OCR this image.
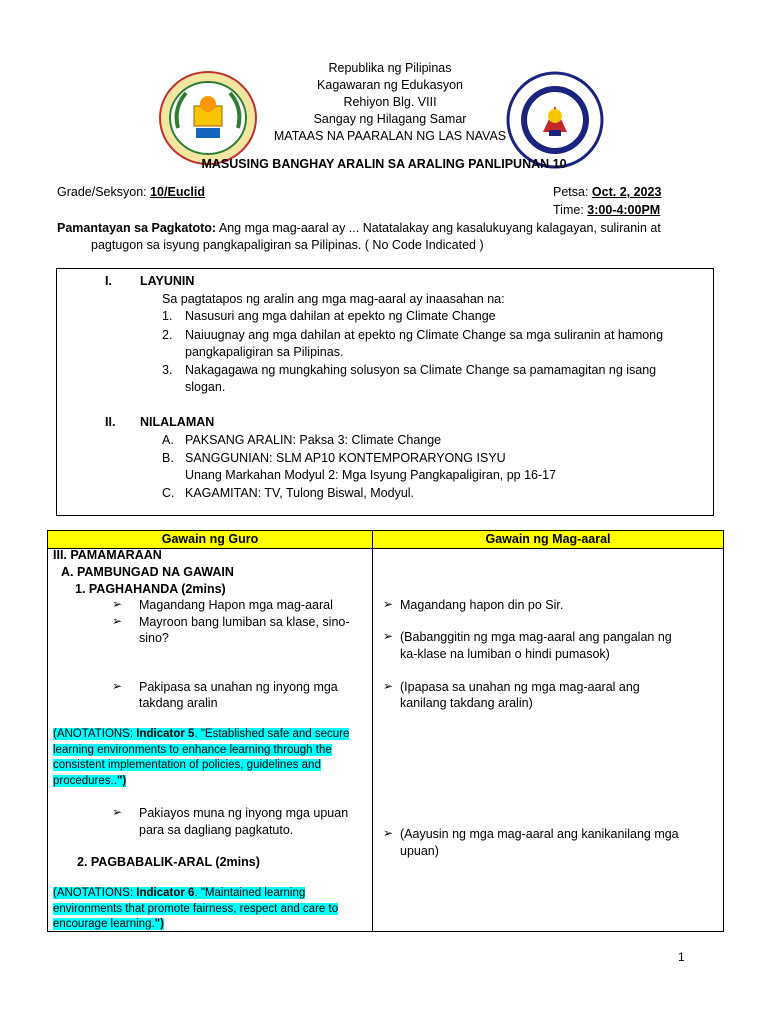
Republika ng Pilipinas
Kagawaran ng Edukasyon
Rehiyon Blg. VIII
Sangay ng Hilagang Samar
MATAAS NA PAARALAN NG LAS NAVAS
MASUSING BANGHAY ARALIN SA ARALING PANLIPUNAN 10
Grade/Seksyon: 10/Euclid	Petsa: Oct. 2, 2023
Time: 3:00-4:00PM
Pamantayan sa Pagkatoto: Ang mga mag-aaral ay ... Natatalakay ang kasalukuyang kalagayan, suliranin at
pagtugon sa isyung pangkapaligiran sa Pilipinas. ( No Code Indicated )
I. LAYUNIN
Sa pagtatapos ng aralin ang mga mag-aaral ay inaasahan na:
1. Nasusuri ang mga dahilan at epekto ng Climate Change
2. Naiuugnay ang mga dahilan at epekto ng Climate Change sa mga suliranin at hamong
pangkapaligiran sa Pilipinas.
3. Nakagagawa ng mungkahing solusyon sa Climate Change sa pamamagitan ng isang
slogan.
II. NILALAMAN
A. PAKSANG ARALIN: Paksa 3: Climate Change
B. SANGGUNIAN: SLM AP10 KONTEMPORARYONG ISYU
Unang Markahan Modyul 2: Mga Isyung Pangkapaligiran, pp 16-17
C. KAGAMITAN: TV, Tulong Biswal, Modyul.
Gawain ng Guro	Gawain ng Mag-aaral
III. PAMAMARAAN
A. PAMBUNGAD NA GAWAIN
1. PAGHAHANDA (2mins)
➢ Magandang Hapon mga mag-aaral
➢ Mayroon bang lumiban sa klase, sino-
sino?
➢ Pakipasa sa unahan ng inyong mga
takdang aralin
(ANOTATIONS: Indicator 5. "Established safe and secure
learning environments to enhance learning through the
consistent implementation of policies, guidelines and
procedures..")
➢ Pakiayos muna ng inyong mga upuan
para sa dagliang pagkatuto.
2. PAGBABALIK-ARAL (2mins)
(ANOTATIONS: Indicator 6. "Maintained learning
environments that promote fairness, respect and care to
encourage learning.")
➢ Magandang hapon din po Sir.
➢ (Babanggitin ng mga mag-aaral ang pangalan ng
ka-klase na lumiban o hindi pumasok)
➢ (Ipapasa sa unahan ng mga mag-aaral ang
kanilang takdang aralin)
➢ (Aayusin ng mga mag-aaral ang kanikanilang mga
upuan)
1
